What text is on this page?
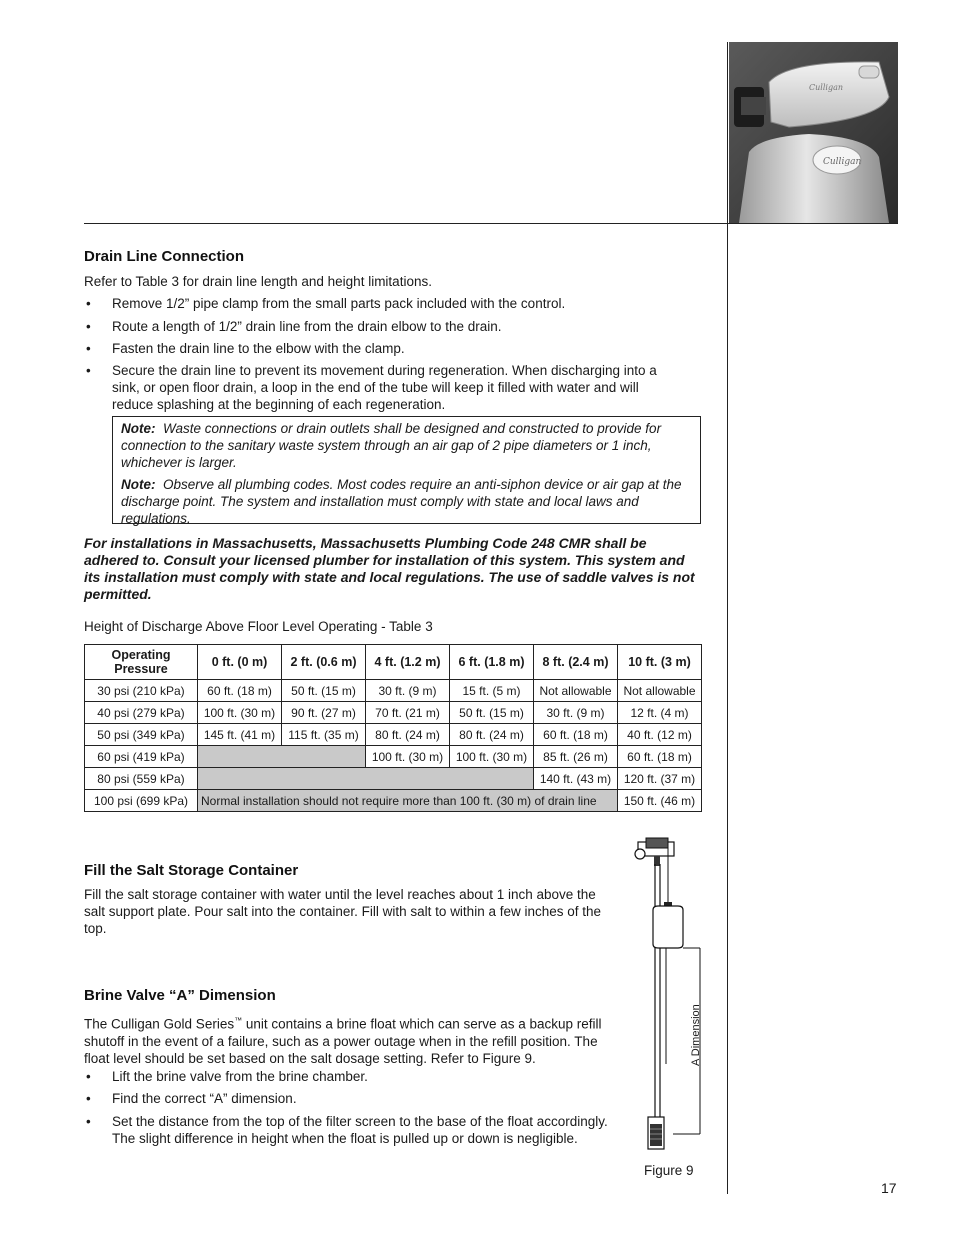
Culligan
Culligan
Drain Line Connection
Refer to Table 3 for drain line length and height limitations.
• Remove 1/2” pipe clamp from the small parts pack included with the control.
• Route a length of 1/2” drain line from the drain elbow to the drain.
• Fasten the drain line to the elbow with the clamp.
• Secure the drain line to prevent its movement during regeneration. When discharging into a sink, or open floor drain, a loop in the end of the tube will keep it filled with water and will reduce splashing at the beginning of each regeneration.

Note: Waste connections or drain outlets shall be designed and constructed to provide for connection to the sanitary waste system through an air gap of 2 pipe diameters or 1 inch, whichever is larger.

Note: Observe all plumbing codes. Most codes require an anti-siphon device or air gap at the discharge point. The system and installation must comply with state and local laws and regulations.

For installations in Massachusetts, Massachusetts Plumbing Code 248 CMR shall be adhered to. Consult your licensed plumber for installation of this system. This system and its installation must comply with state and local regulations. The use of saddle valves is not permitted.
Height of Discharge Above Floor Level Operating - Table 3
Operating Pressure	0 ft. (0 m)	2 ft. (0.6 m)	4 ft. (1.2 m)	6 ft. (1.8 m)	8 ft. (2.4 m)	10 ft. (3 m)
30 psi (210 kPa)	60 ft. (18 m)	50 ft. (15 m)	30 ft. (9 m)	15 ft. (5 m)	Not allowable	Not allowable
40 psi (279 kPa)	100 ft. (30 m)	90 ft. (27 m)	70 ft. (21 m)	50 ft. (15 m)	30 ft. (9 m)	12 ft. (4 m)
50 psi (349 kPa)	145 ft. (41 m)	115 ft. (35 m)	80 ft. (24 m)	80 ft. (24 m)	60 ft. (18 m)	40 ft. (12 m)
60 psi (419 kPa)			100 ft. (30 m)	100 ft. (30 m)	85 ft. (26 m)	60 ft. (18 m)
80 psi (559 kPa)					140 ft. (43 m)	120 ft. (37 m)
100 psi (699 kPa)	Normal installation should not require more than 100 ft. (30 m) of drain line					150 ft. (46 m)
Fill the Salt Storage Container
Fill the salt storage container with water until the level reaches about 1 inch above the salt support plate. Pour salt into the container. Fill with salt to within a few inches of the top.
Brine Valve “A” Dimension
The Culligan Gold Series™ unit contains a brine float which can serve as a backup refill shutoff in the event of a failure, such as a power outage when in the refill position. The float level should be set based on the salt dosage setting. Refer to Figure 9.
• Lift the brine valve from the brine chamber.
• Find the correct “A” dimension.
• Set the distance from the top of the filter screen to the base of the float accordingly. The slight difference in height when the float is pulled up or down is negligible.
A Dimension
Figure 9
17
